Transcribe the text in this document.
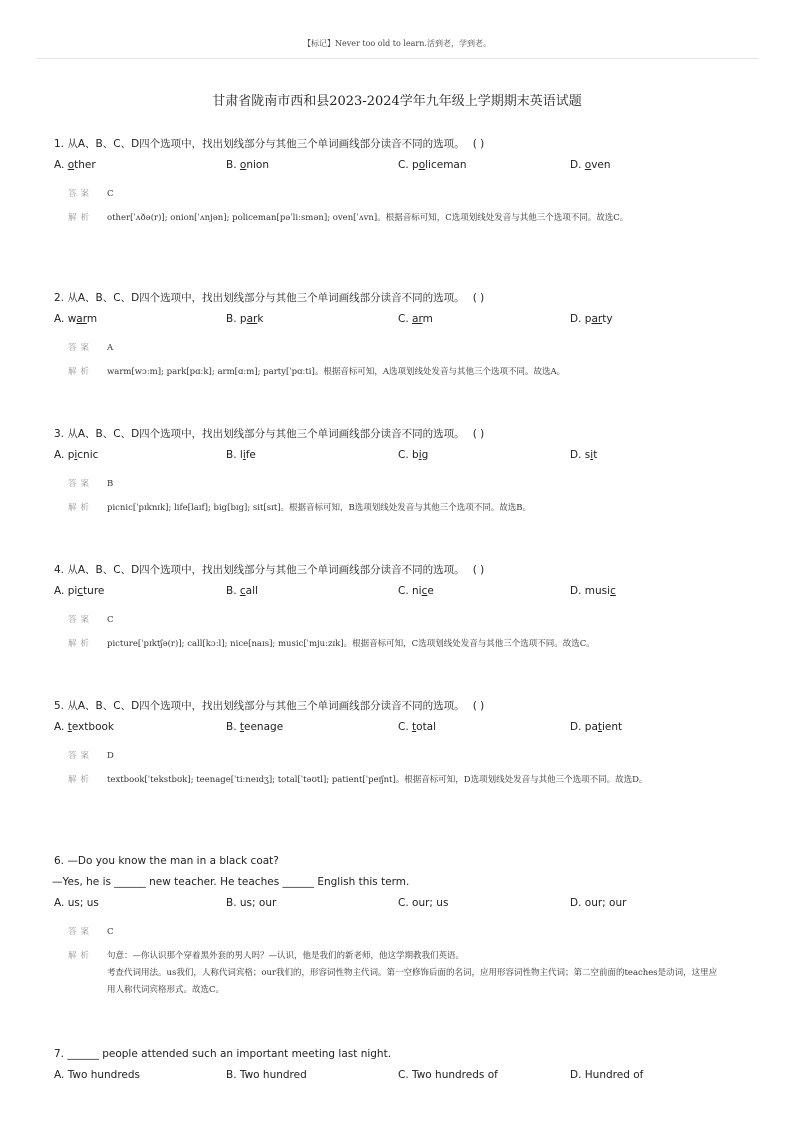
【标记】Never too old to learn.活到老，学到老。
甘肃省陇南市西和县2023-2024学年九年级上学期期末英语试题
1. 从A、B、C、D四个选项中，找出划线部分与其他三个单词画线部分读音不同的选项。 ( )
A. other	B. onion	C. policeman	D. oven
答案 C
解析 other[ˈʌðə(r)]; onion[ˈʌnjən]; policeman[pəˈliːsmən]; oven[ˈʌvn]。根据音标可知，C选项划线处发音与其他三个选项不同。故选C。
2. 从A、B、C、D四个选项中，找出划线部分与其他三个单词画线部分读音不同的选项。 ( )
A. warm	B. park	C. arm	D. party
答案 A
解析 warm[wɔːm]; park[pɑːk]; arm[ɑːm]; party[ˈpɑːti]。根据音标可知，A选项划线处发音与其他三个选项不同。故选A。
3. 从A、B、C、D四个选项中，找出划线部分与其他三个单词画线部分读音不同的选项。 ( )
A. picnic	B. life	C. big	D. sit
答案 B
解析 picnic[ˈpɪknɪk]; life[laɪf]; big[bɪg]; sit[sɪt]。根据音标可知，B选项划线处发音与其他三个选项不同。故选B。
4. 从A、B、C、D四个选项中，找出划线部分与其他三个单词画线部分读音不同的选项。 ( )
A. picture	B. call	C. nice	D. music
答案 C
解析 picture[ˈpɪktʃə(r)]; call[kɔːl]; nice[naɪs]; music[ˈmjuːzɪk]。根据音标可知，C选项划线处发音与其他三个选项不同。故选C。
5. 从A、B、C、D四个选项中，找出划线部分与其他三个单词画线部分读音不同的选项。 ( )
A. textbook	B. teenage	C. total	D. patient
答案 D
解析 textbook[ˈtekstbʊk]; teenage[ˈtiːneɪdʒ]; total[ˈtəʊtl]; patient[ˈpeɪʃnt]。根据音标可知，D选项划线处发音与其他三个选项不同。故选D。
6. —Do you know the man in a black coat?
—Yes, he is ______ new teacher. He teaches ______ English this term.
A. us; us	B. us; our	C. our; us	D. our; our
答案 C
解析 句意：—你认识那个穿着黑外套的男人吗？—认识，他是我们的新老师，他这学期教我们英语。
考查代词用法。us我们，人称代词宾格；our我们的，形容词性物主代词。第一空修饰后面的名词，应用形容词性物主代词；第二空前面的teaches是动词，这里应用人称代词宾格形式。故选C。
7. ______ people attended such an important meeting last night.
A. Two hundreds	B. Two hundred	C. Two hundreds of	D. Hundred of
